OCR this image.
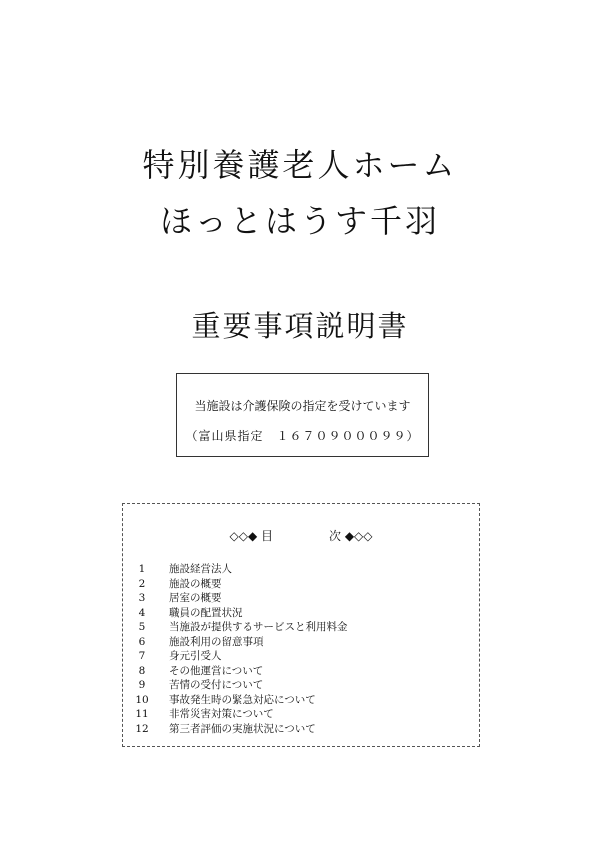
特別養護老人ホーム
ほっとはうす千羽
重要事項説明書
当施設は介護保険の指定を受けています
（富山県指定　１６７０９０００９９）
◇◇◆ 目	次 ◆◇◇
1	施設経営法人
2	施設の概要
3	居室の概要
4	職員の配置状況
5	当施設が提供するサービスと利用料金
6	施設利用の留意事項
7	身元引受人
8	その他運営について
9	苦情の受付について
10 事故発生時の緊急対応について
11 非常災害対策について
12 第三者評価の実施状況について
